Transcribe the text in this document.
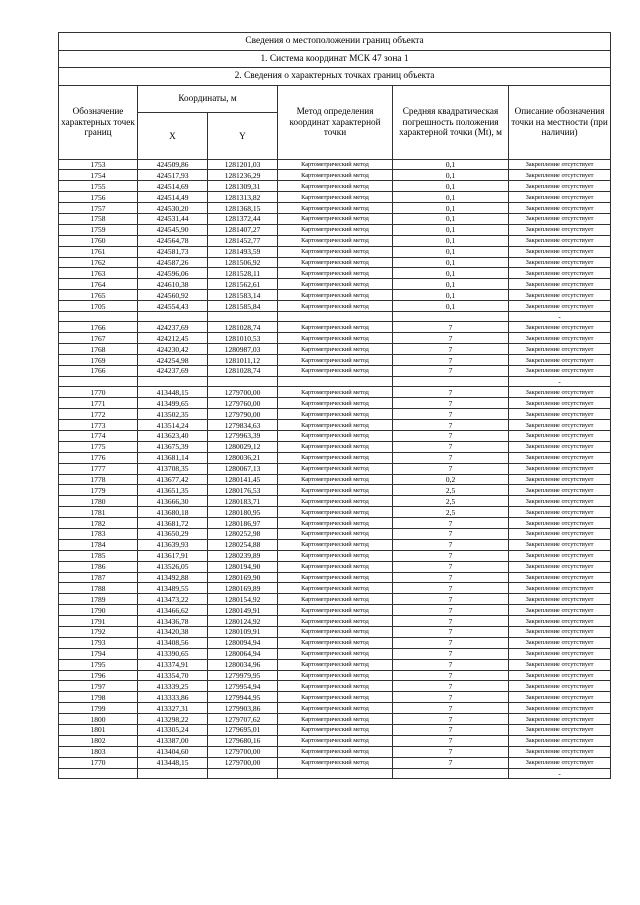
Сведения о местоположении границ объекта					
1. Система координат МСК 47 зона 1					
2. Сведения о характерных точках границ объекта					
Обозначение характерных точек границ	Координаты, м		Метод определения координат характерной точки	Средняя квадратическая погрешность положения характерной точки (Mt), м	Описание обозначения точки на местности (при наличии)
	X	Y			
1753	424509,86	1281201,03	Картометрический метод	0,1	Закрепление отсутствует
1754	424517,93	1281236,29	Картометрический метод	0,1	Закрепление отсутствует
1755	424514,69	1281309,31	Картометрический метод	0,1	Закрепление отсутствует
1756	424514,49	1281313,82	Картометрический метод	0,1	Закрепление отсутствует
1757	424530,20	1281368,15	Картометрический метод	0,1	Закрепление отсутствует
1758	424531,44	1281372,44	Картометрический метод	0,1	Закрепление отсутствует
1759	424545,90	1281407,27	Картометрический метод	0,1	Закрепление отсутствует
1760	424564,78	1281452,77	Картометрический метод	0,1	Закрепление отсутствует
1761	424581,73	1281493,59	Картометрический метод	0,1	Закрепление отсутствует
1762	424587,26	1281506,92	Картометрический метод	0,1	Закрепление отсутствует
1763	424596,06	1281528,11	Картометрический метод	0,1	Закрепление отсутствует
1764	424610,38	1281562,61	Картометрический метод	0,1	Закрепление отсутствует
1765	424560,92	1281583,14	Картометрический метод	0,1	Закрепление отсутствует
1705	424554,43	1281585,84	Картометрический метод	0,1	Закрепление отсутствует
					-
1766	424237,69	1281028,74	Картометрический метод	7	Закрепление отсутствует
1767	424212,45	1281010,53	Картометрический метод	7	Закрепление отсутствует
1768	424230,42	1280987,03	Картометрический метод	7	Закрепление отсутствует
1769	424254,98	1281011,12	Картометрический метод	7	Закрепление отсутствует
1766	424237,69	1281028,74	Картометрический метод	7	Закрепление отсутствует
					-
1770	413448,15	1279700,00	Картометрический метод	7	Закрепление отсутствует
1771	413499,65	1279760,00	Картометрический метод	7	Закрепление отсутствует
1772	413502,35	1279790,00	Картометрический метод	7	Закрепление отсутствует
1773	413514,24	1279834,63	Картометрический метод	7	Закрепление отсутствует
1774	413623,40	1279963,39	Картометрический метод	7	Закрепление отсутствует
1775	413675,39	1280029,12	Картометрический метод	7	Закрепление отсутствует
1776	413681,14	1280036,21	Картометрический метод	7	Закрепление отсутствует
1777	413708,35	1280067,13	Картометрический метод	7	Закрепление отсутствует
1778	413677,42	1280141,45	Картометрический метод	0,2	Закрепление отсутствует
1779	413651,35	1280176,53	Картометрический метод	2,5	Закрепление отсутствует
1780	413666,30	1280183,71	Картометрический метод	2,5	Закрепление отсутствует
1781	413680,18	1280180,95	Картометрический метод	2,5	Закрепление отсутствует
1782	413681,72	1280186,97	Картометрический метод	7	Закрепление отсутствует
1783	413650,29	1280252,98	Картометрический метод	7	Закрепление отсутствует
1784	413639,93	1280254,88	Картометрический метод	7	Закрепление отсутствует
1785	413617,91	1280239,89	Картометрический метод	7	Закрепление отсутствует
1786	413526,05	1280194,90	Картометрический метод	7	Закрепление отсутствует
1787	413492,88	1280169,90	Картометрический метод	7	Закрепление отсутствует
1788	413489,55	1280169,89	Картометрический метод	7	Закрепление отсутствует
1789	413473,22	1280154,92	Картометрический метод	7	Закрепление отсутствует
1790	413466,62	1280149,91	Картометрический метод	7	Закрепление отсутствует
1791	413436,78	1280124,92	Картометрический метод	7	Закрепление отсутствует
1792	413420,38	1280109,91	Картометрический метод	7	Закрепление отсутствует
1793	413408,56	1280094,94	Картометрический метод	7	Закрепление отсутствует
1794	413390,65	1280064,94	Картометрический метод	7	Закрепление отсутствует
1795	413374,91	1280034,96	Картометрический метод	7	Закрепление отсутствует
1796	413354,70	1279979,95	Картометрический метод	7	Закрепление отсутствует
1797	413339,25	1279954,94	Картометрический метод	7	Закрепление отсутствует
1798	413333,86	1279944,95	Картометрический метод	7	Закрепление отсутствует
1799	413327,31	1279903,86	Картометрический метод	7	Закрепление отсутствует
1800	413298,22	1279707,62	Картометрический метод	7	Закрепление отсутствует
1801	413305,24	1279695,01	Картометрический метод	7	Закрепление отсутствует
1802	413387,00	1279680,16	Картометрический метод	7	Закрепление отсутствует
1803	413404,60	1279700,00	Картометрический метод	7	Закрепление отсутствует
1770	413448,15	1279700,00	Картометрический метод	7	Закрепление отсутствует
					-
